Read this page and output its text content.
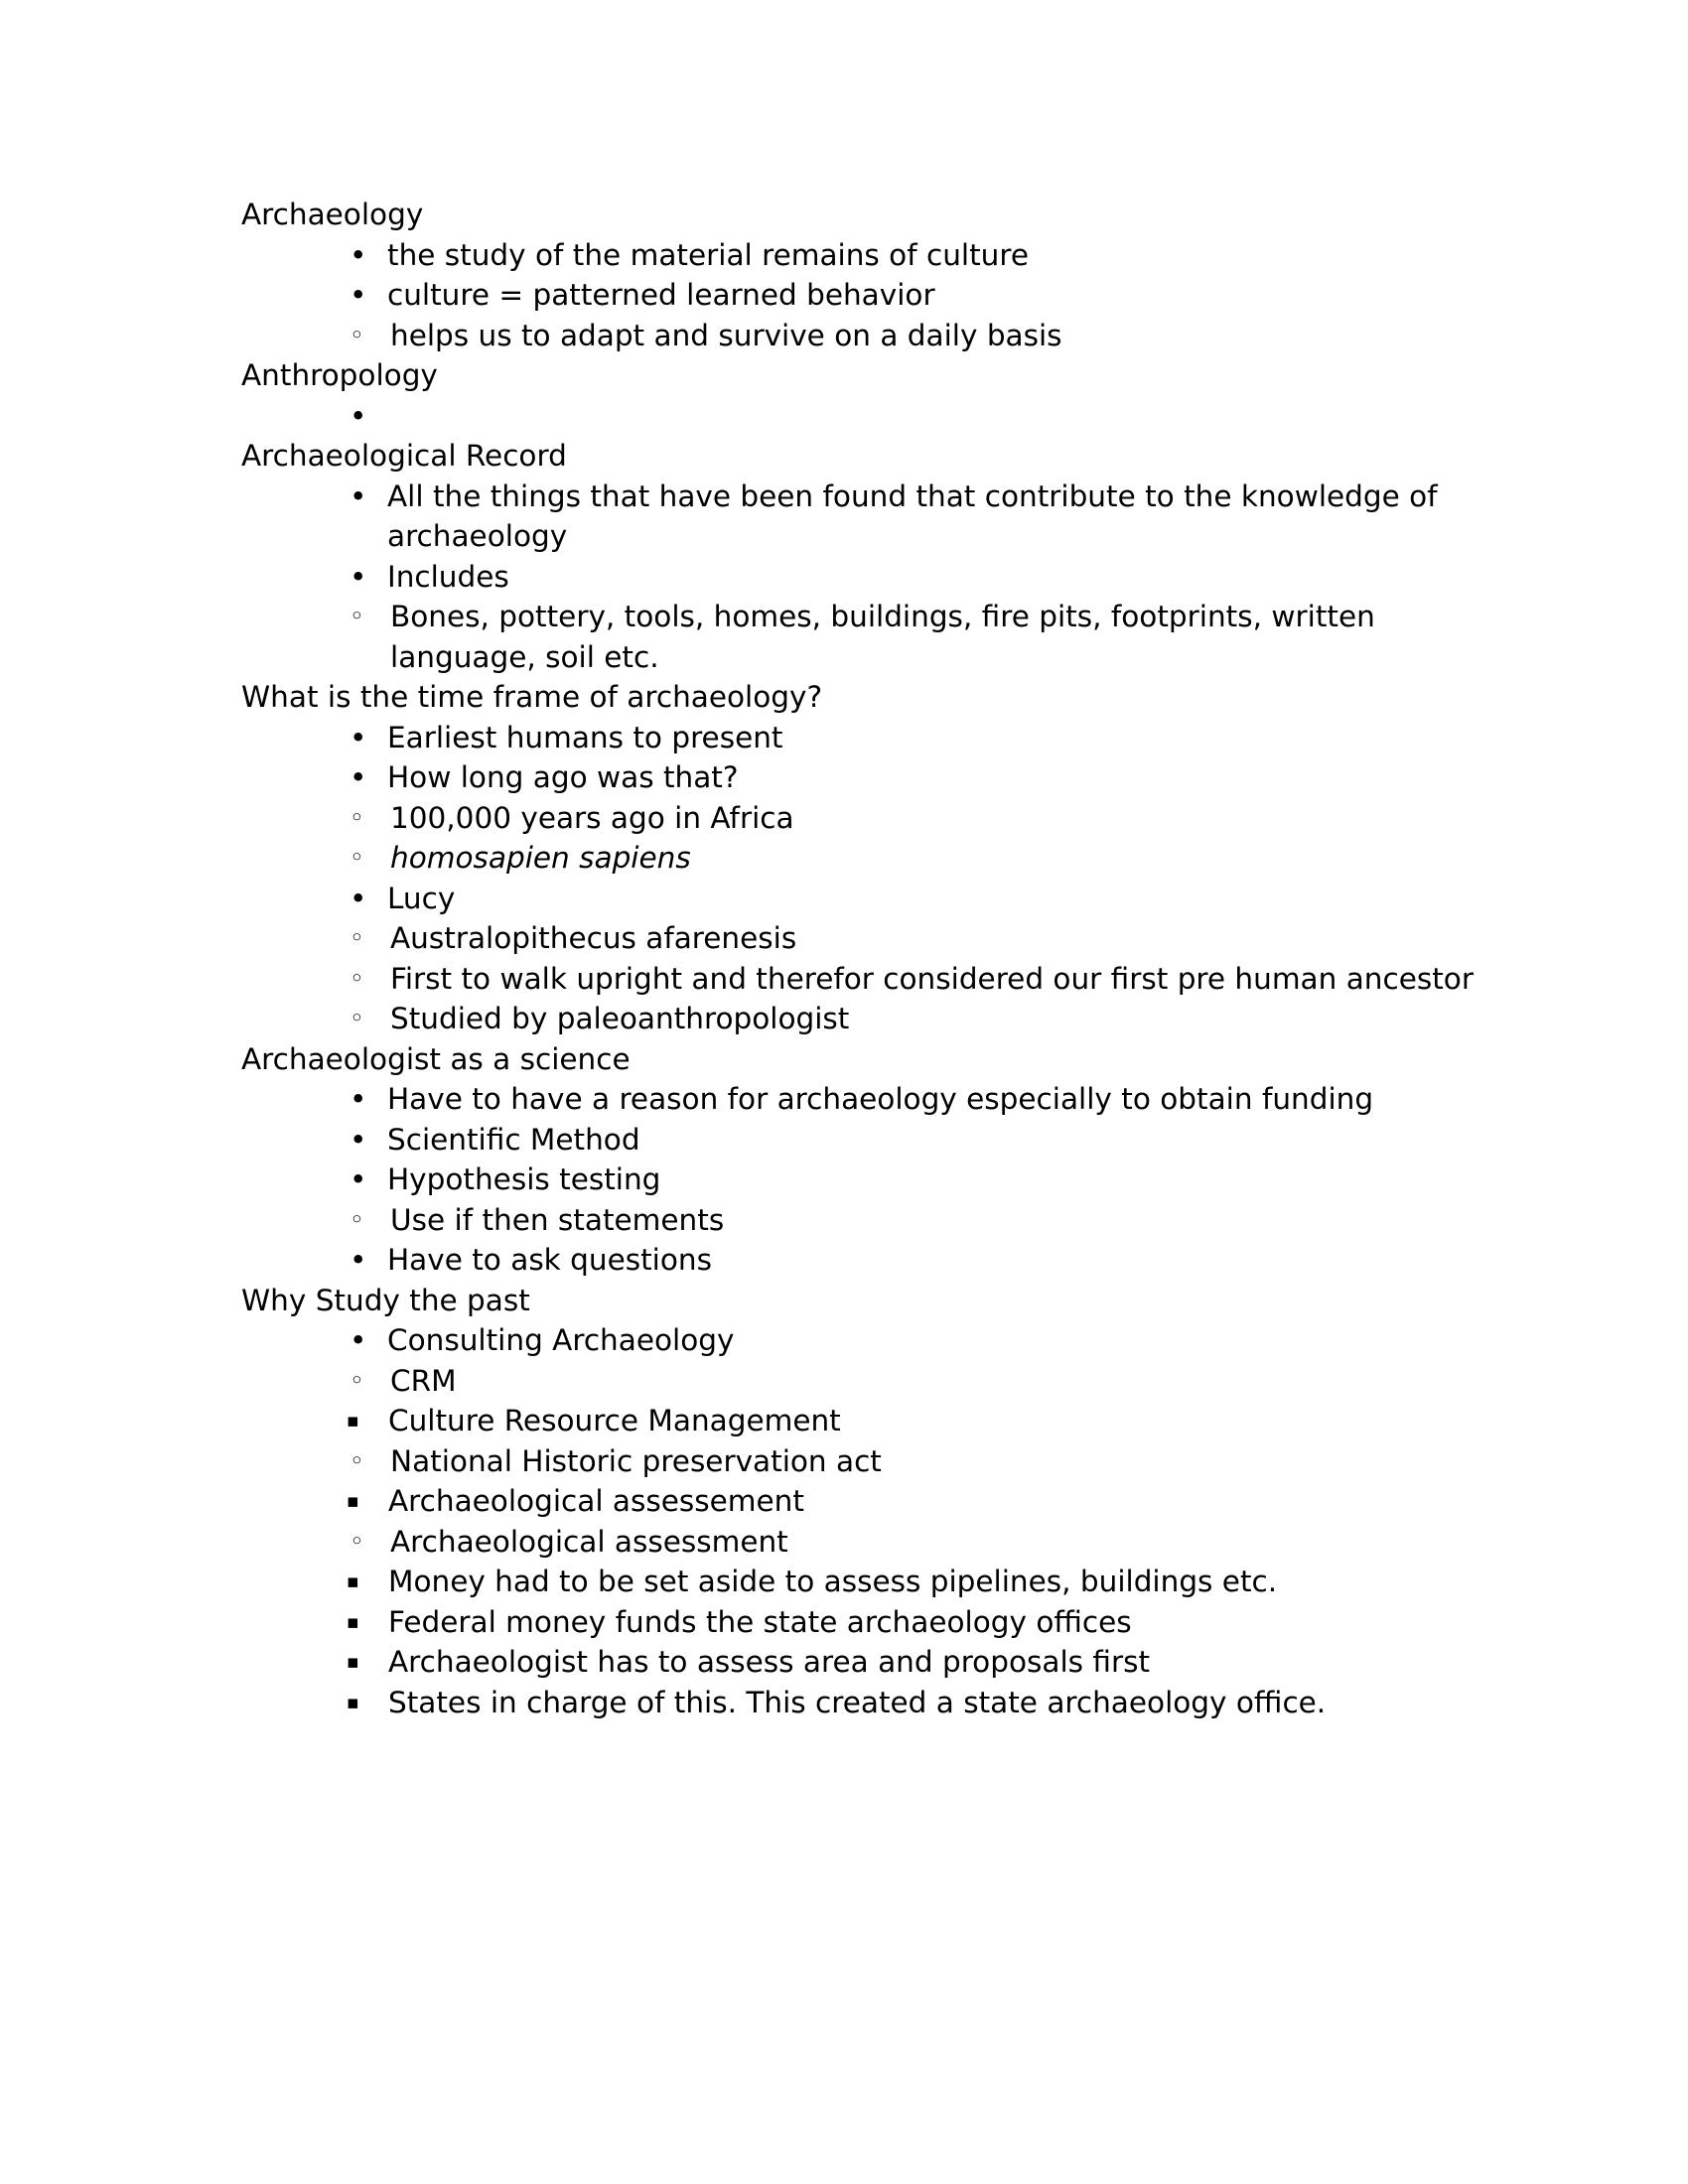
Archaeology
• the study of the material remains of culture
• culture = patterned learned behavior
◦ helps us to adapt and survive on a daily basis
Anthropology
•
Archaeological Record
• All the things that have been found that contribute to the knowledge of archaeology
• Includes
◦ Bones, pottery, tools, homes, buildings, fire pits, footprints, written language, soil etc.
What is the time frame of archaeology?
• Earliest humans to present
• How long ago was that?
◦ 100,000 years ago in Africa
◦ homosapien sapiens
• Lucy
◦ Australopithecus afarenesis
◦ First to walk upright and therefor considered our first pre human ancestor
◦ Studied by paleoanthropologist
Archaeologist as a science
• Have to have a reason for archaeology especially to obtain funding
• Scientific Method
• Hypothesis testing
◦ Use if then statements
• Have to ask questions
Why Study the past
• Consulting Archaeology
◦ CRM
▪ Culture Resource Management
◦ National Historic preservation act
▪ Archaeological assessement
◦ Archaeological assessment
▪ Money had to be set aside to assess pipelines, buildings etc.
▪ Federal money funds the state archaeology offices
▪ Archaeologist has to assess area and proposals first
▪ States in charge of this. This created a state archaeology office.
